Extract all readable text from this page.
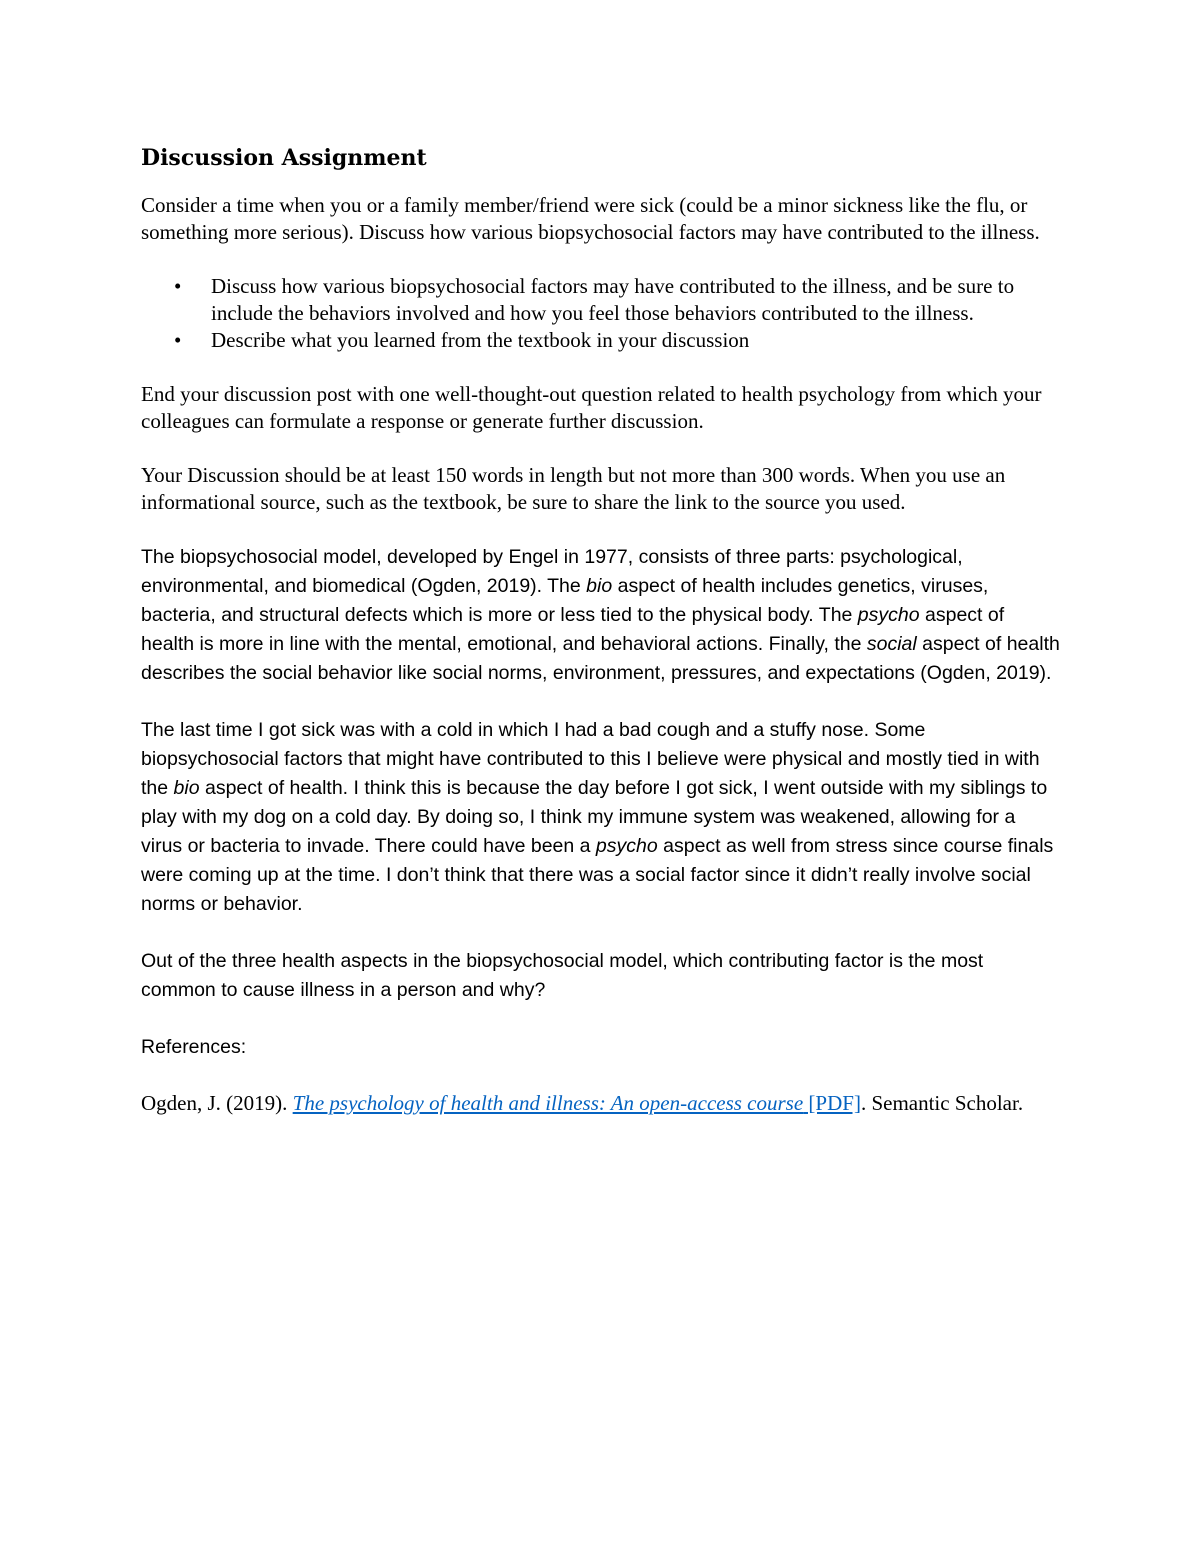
Discussion Assignment

Consider a time when you or a family member/friend were sick (could be a minor sickness like the flu, or something more serious). Discuss how various biopsychosocial factors may have contributed to the illness.

• Discuss how various biopsychosocial factors may have contributed to the illness, and be sure to include the behaviors involved and how you feel those behaviors contributed to the illness.
• Describe what you learned from the textbook in your discussion

End your discussion post with one well-thought-out question related to health psychology from which your colleagues can formulate a response or generate further discussion.

Your Discussion should be at least 150 words in length but not more than 300 words. When you use an informational source, such as the textbook, be sure to share the link to the source you used.

The biopsychosocial model, developed by Engel in 1977, consists of three parts: psychological, environmental, and biomedical (Ogden, 2019). The bio aspect of health includes genetics, viruses, bacteria, and structural defects which is more or less tied to the physical body. The psycho aspect of health is more in line with the mental, emotional, and behavioral actions. Finally, the social aspect of health describes the social behavior like social norms, environment, pressures, and expectations (Ogden, 2019).

The last time I got sick was with a cold in which I had a bad cough and a stuffy nose. Some biopsychosocial factors that might have contributed to this I believe were physical and mostly tied in with the bio aspect of health. I think this is because the day before I got sick, I went outside with my siblings to play with my dog on a cold day. By doing so, I think my immune system was weakened, allowing for a virus or bacteria to invade. There could have been a psycho aspect as well from stress since course finals were coming up at the time. I don’t think that there was a social factor since it didn’t really involve social norms or behavior.

Out of the three health aspects in the biopsychosocial model, which contributing factor is the most common to cause illness in a person and why?

References:

Ogden, J. (2019). The psychology of health and illness: An open-access course [PDF]. Semantic Scholar.
